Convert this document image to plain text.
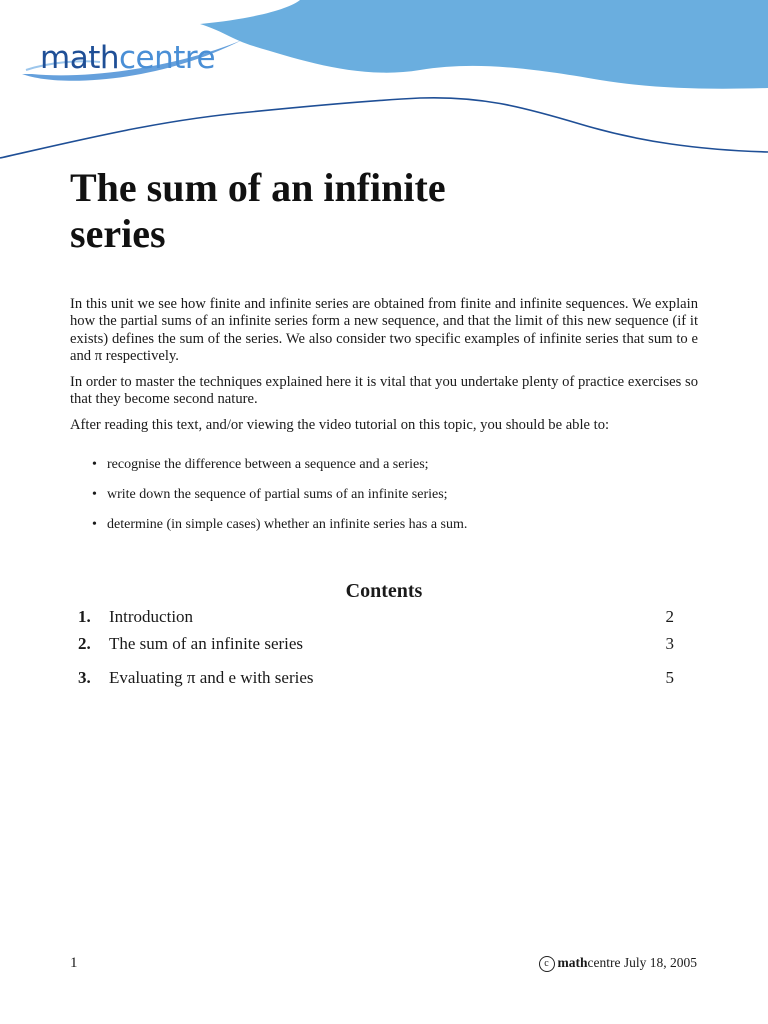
mathcentre
The sum of an infinite
series

In this unit we see how finite and infinite series are obtained from finite and infinite sequences. We explain how the partial sums of an infinite series form a new sequence, and that the limit of this new sequence (if it exists) defines the sum of the series. We also consider two specific examples of infinite series that sum to e and π respectively.

In order to master the techniques explained here it is vital that you undertake plenty of practice exercises so that they become second nature.

After reading this text, and/or viewing the video tutorial on this topic, you should be able to:

• recognise the difference between a sequence and a series;
• write down the sequence of partial sums of an infinite series;
• determine (in simple cases) whether an infinite series has a sum.
Contents
1. Introduction	2
2. The sum of an infinite series	3
3. Evaluating π and e with series	5
1	c mathcentre July 18, 2005
